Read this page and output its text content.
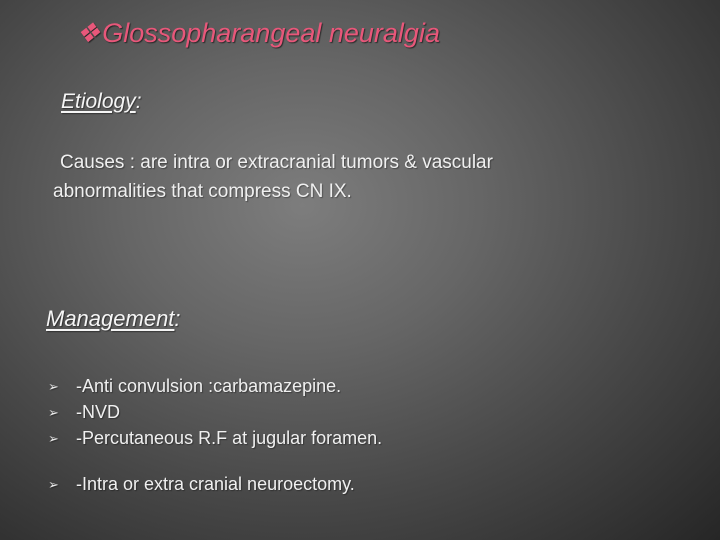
❖Glossopharangeal neuralgia
Etiology:
Causes : are intra or extracranial tumors & vascular
abnormalities that compress CN IX.
Management:
➢ -Anti convulsion :carbamazepine.
➢ -NVD
➢ -Percutaneous R.F at jugular foramen.
➢ -Intra or extra cranial neuroectomy.
